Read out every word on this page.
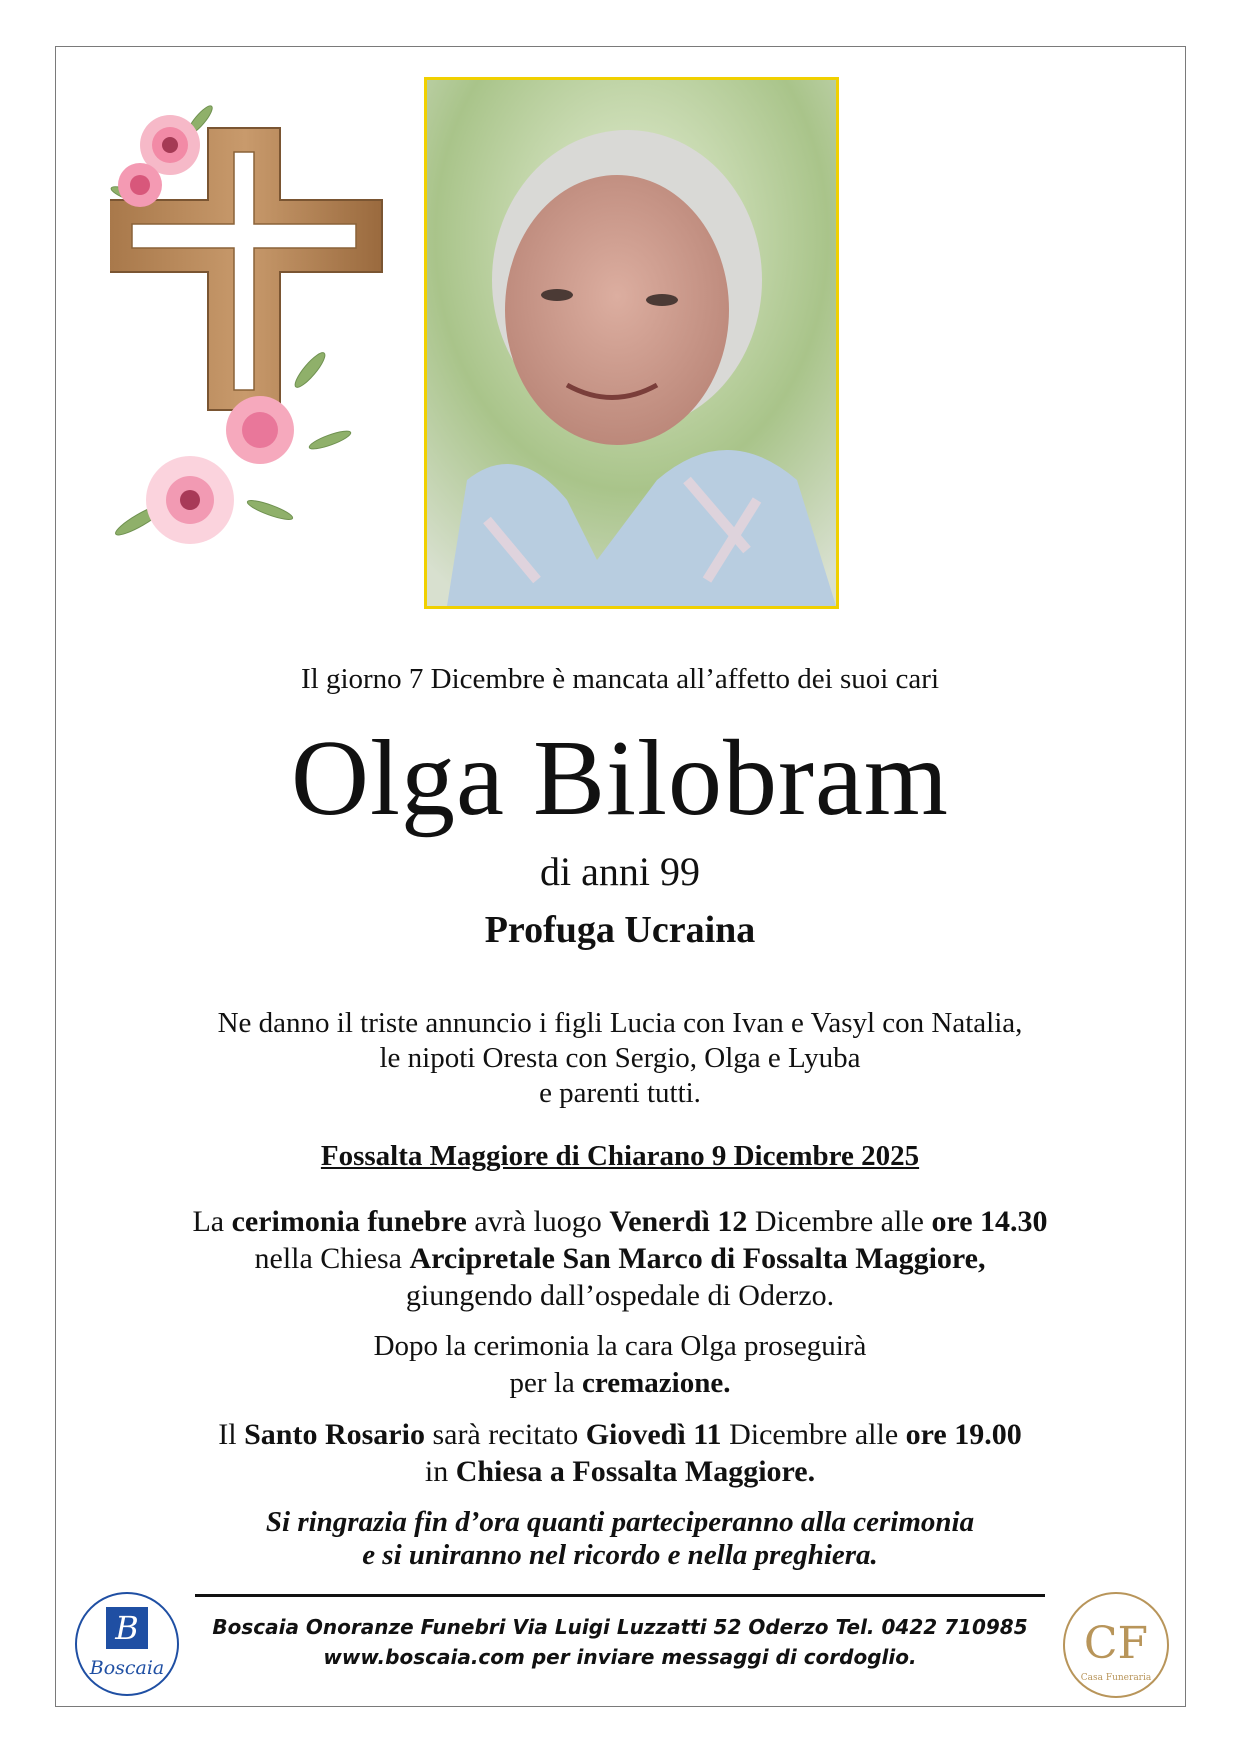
Il giorno 7 Dicembre è mancata all’affetto dei suoi cari
Olga Bilobram
di anni 99
Profuga Ucraina
Ne danno il triste annuncio i figli Lucia con Ivan e Vasyl con Natalia,
le nipoti Oresta con Sergio, Olga e Lyuba
e parenti tutti.
Fossalta Maggiore di Chiarano 9 Dicembre 2025
La cerimonia funebre avrà luogo Venerdì 12 Dicembre alle ore 14.30
nella Chiesa Arcipretale San Marco di Fossalta Maggiore,
giungendo dall’ospedale di Oderzo.
Dopo la cerimonia la cara Olga proseguirà
per la cremazione.
Il Santo Rosario sarà recitato Giovedì 11 Dicembre alle ore 19.00
in Chiesa a Fossalta Maggiore.
Si ringrazia fin d’ora quanti parteciperanno alla cerimonia
e si uniranno nel ricordo e nella preghiera.
B
Boscaia	CF
Casa Funeraria
Boscaia Onoranze Funebri Via Luigi Luzzatti 52 Oderzo Tel. 0422 710985
www.boscaia.com per inviare messaggi di cordoglio.
